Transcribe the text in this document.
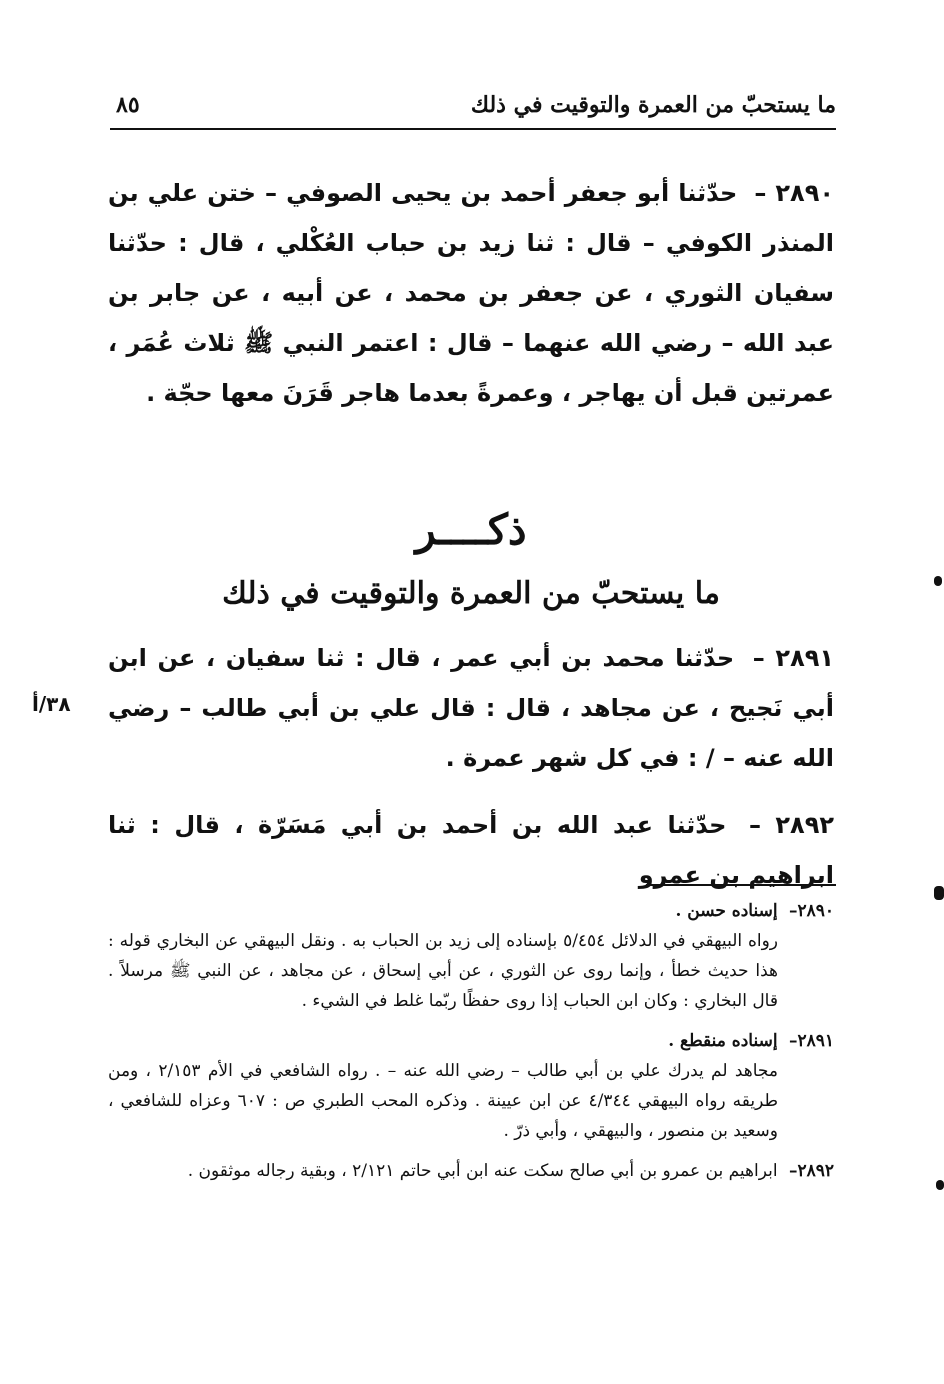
ما يستحبّ من العمرة والتوقيت في ذلك
٨٥
٢٨٩٠ – حدّثنا أبو جعفر أحمد بن يحيى الصوفي – ختن علي بن المنذر الكوفي – قال : ثنا زيد بن حباب العُكْلي ، قال : حدّثنا سفيان الثوري ، عن جعفر بن محمد ، عن أبيه ، عن جابر بن عبد الله – رضي الله عنهما – قال : اعتمر النبي ﷺ ثلاث عُمَر ، عمرتين قبل أن يهاجر ، وعمرةً بعدما هاجر قَرَنَ معها حجّة .
ذكــــر
ما يستحبّ من العمرة والتوقيت في ذلك
٢٨٩١ – حدّثنا محمد بن أبي عمر ، قال : ثنا سفيان ، عن ابن أبي نَجيح ، عن مجاهد ، قال : قال علي بن أبي طالب – رضي الله عنه – / : في كل شهر عمرة .
٣٨/أ
٢٨٩٢ – حدّثنا عبد الله بن أحمد بن أبي مَسَرّة ، قال : ثنا ابراهيم بن عمرو
٢٨٩٠– إسناده حسن .
رواه البيهقي في الدلائل ٥/٤٥٤ بإسناده إلى زيد بن الحباب به . ونقل البيهقي عن البخاري قوله : هذا حديث خطأ ، وإنما روى عن الثوري ، عن أبي إسحاق ، عن مجاهد ، عن النبي ﷺ مرسلاً . قال البخاري : وكان ابن الحباب إذا روى حفظًا ربّما غلط في الشيء .
٢٨٩١– إسناده منقطع .
مجاهد لم يدرك علي بن أبي طالب – رضي الله عنه – . رواه الشافعي في الأم ٢/١٥٣ ، ومن طريقه رواه البيهقي ٤/٣٤٤ عن ابن عيينة . وذكره المحب الطبري ص : ٦٠٧ وعزاه للشافعي ، وسعيد بن منصور ، والبيهقي ، وأبي ذرّ .
٢٨٩٢– ابراهيم بن عمرو بن أبي صالح سكت عنه ابن أبي حاتم ٢/١٢١ ، وبقية رجاله موثقون .
